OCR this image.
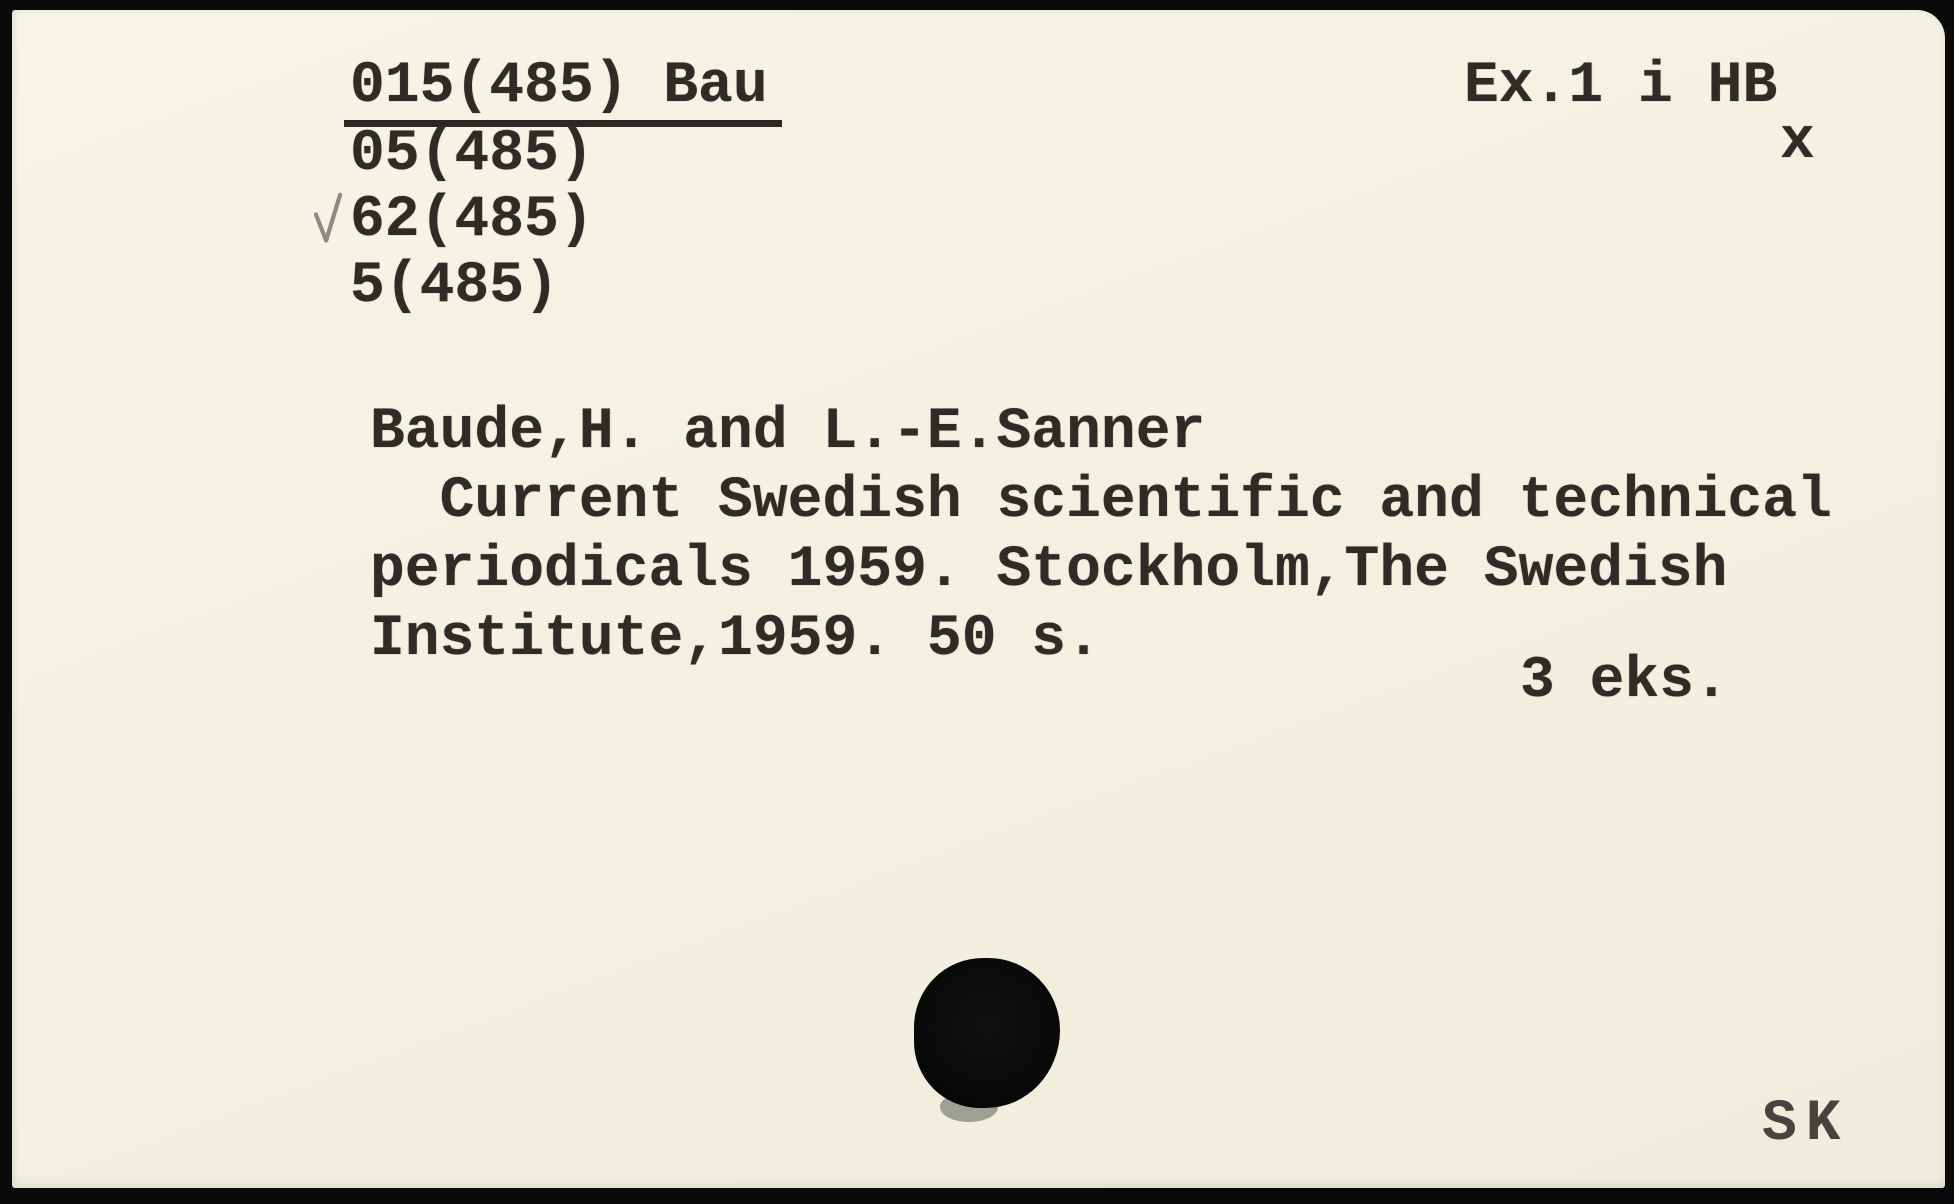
015(485) Bau
05(485)
62(485)
5(485)
Ex.1 i HB
x
Baude,H. and L.-E.Sanner
Current Swedish scientific and technical
periodicals 1959. Stockholm,The Swedish
Institute,1959. 50 s.
3 eks.
SK
